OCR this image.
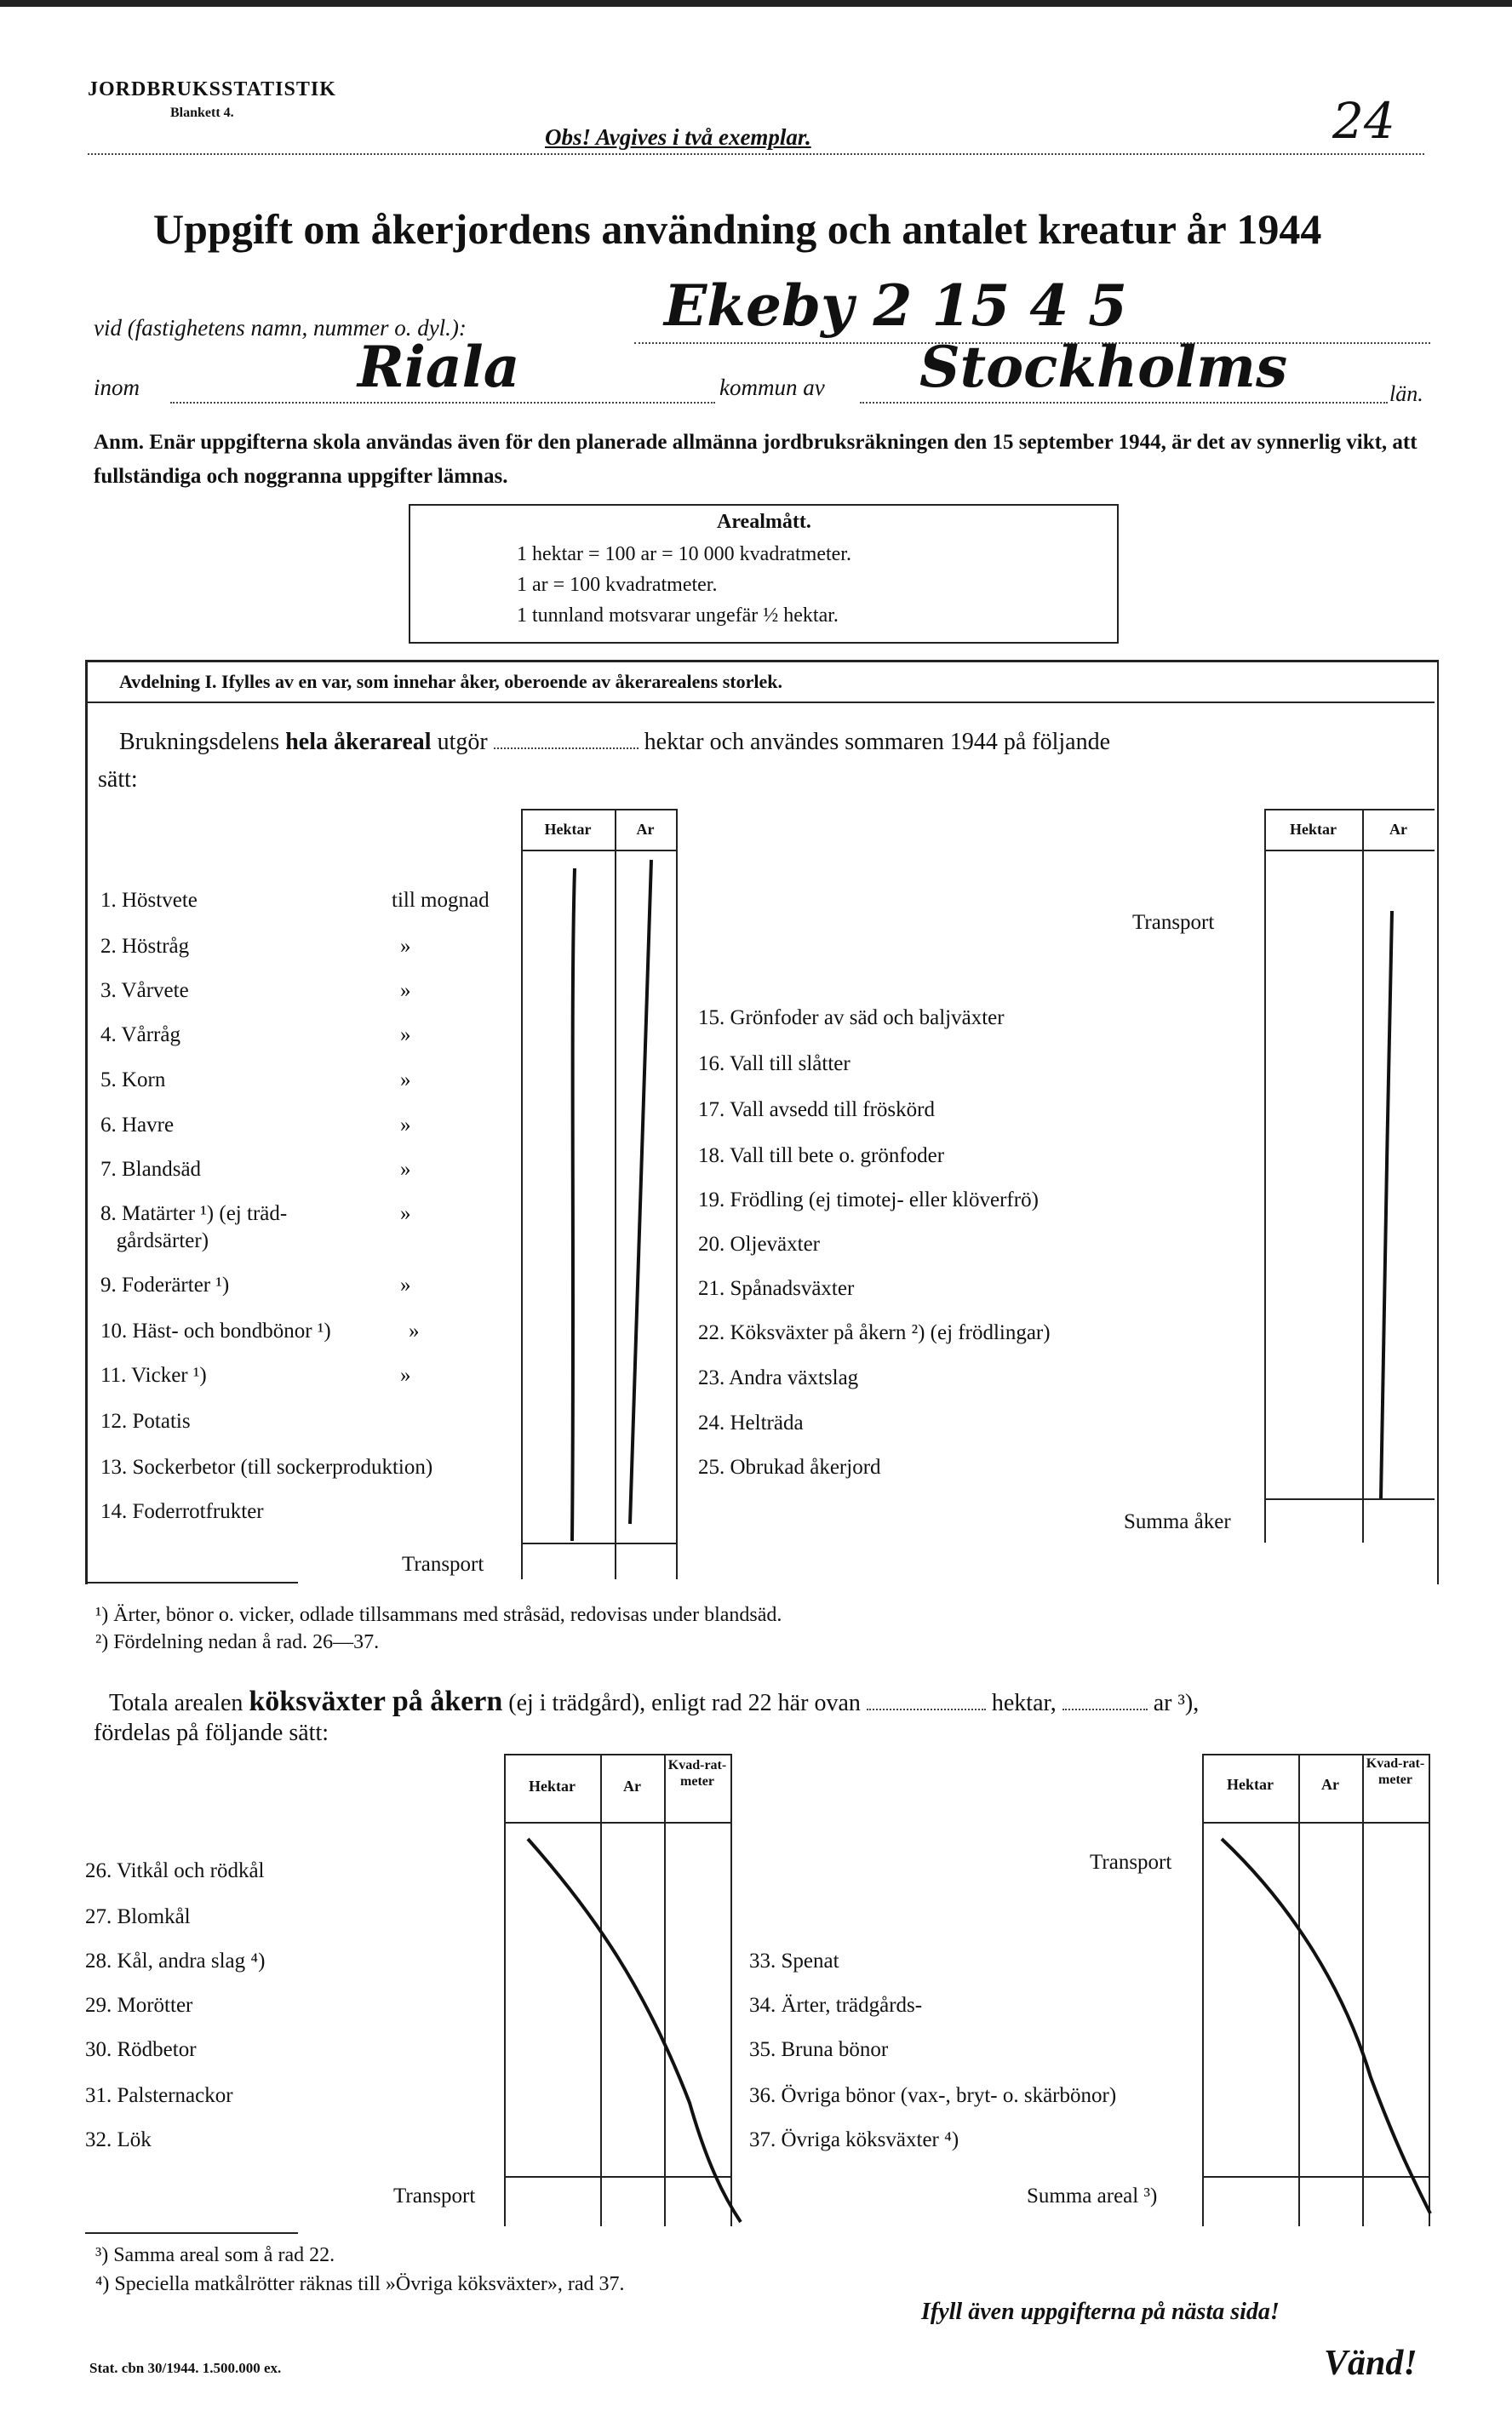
JORDBRUKSSTATISTIK
Blankett 4.
Obs! Avgives i två exemplar.	24
Uppgift om åkerjordens användning och antalet kreatur år 1944
vid (fastighetens namn, nummer o. dyl.):	Ekeby 2 15 4 5
inom	Riala	kommun av Stockholms	län.
Anm. Enär uppgifterna skola användas även för den planerade allmänna jordbruksräkningen den 15 september 1944, är det av synnerlig vikt, att fullständiga och noggranna uppgifter lämnas.
Arealmått.
1 hektar = 100 ar = 10 000 kvadratmeter.
1 ar = 100 kvadratmeter.
1 tunnland motsvarar ungefär ½ hektar.
Avdelning I. Ifylles av en var, som innehar åker, oberoende av åkerarealens storlek.
Brukningsdelens hela åkerareal utgör	hektar och användes sommaren 1944 på följande
sätt:
Hektar	Ar	Hektar	Ar
1. Höstvete	till mognad
2. Höstråg	»
3. Vårvete	»
4. Vårråg	»
5. Korn	»
6. Havre	»
7. Blandsäd	»
8. Matärter ¹) (ej träd-	»
gårdsärter)
9. Foderärter ¹)	»
10. Häst- och bondbönor ¹)	»
11. Vicker ¹)	»
12. Potatis
13. Sockerbetor (till sockerproduktion)
14. Foderrotfrukter
Transport
Transport
15. Grönfoder av säd och baljväxter
16. Vall till slåtter
17. Vall avsedd till fröskörd
18. Vall till bete o. grönfoder
19. Frödling (ej timotej- eller klöverfrö)
20. Oljeväxter
21. Spånadsväxter
22. Köksväxter på åkern ²) (ej frödlingar)
23. Andra växtslag
24. Helträda
25. Obrukad åkerjord
Summa åker
¹) Ärter, bönor o. vicker, odlade tillsammans med stråsäd, redovisas under blandsäd.
²) Fördelning nedan å rad. 26—37.
Totala arealen köksväxter på åkern (ej i trädgård), enligt rad 22 här ovan	hektar,	ar ³),
fördelas på följande sätt:
Hektar	Ar
Kvad-rat-meter	Hektar	Ar
Kvad-rat-meter
26. Vitkål och rödkål
27. Blomkål
28. Kål, andra slag ⁴)
29. Morötter
30. Rödbetor
31. Palsternackor
32. Lök
Transport
Transport
33. Spenat
34. Ärter, trädgårds-
35. Bruna bönor
36. Övriga bönor (vax-, bryt- o. skärbönor)
37. Övriga köksväxter ⁴)
Summa areal ³)
³) Samma areal som å rad 22.
⁴) Speciella matkålrötter räknas till »Övriga köksväxter», rad 37.
Ifyll även uppgifterna på nästa sida!
Stat. cbn 30/1944. 1.500.000 ex.	Vänd!
